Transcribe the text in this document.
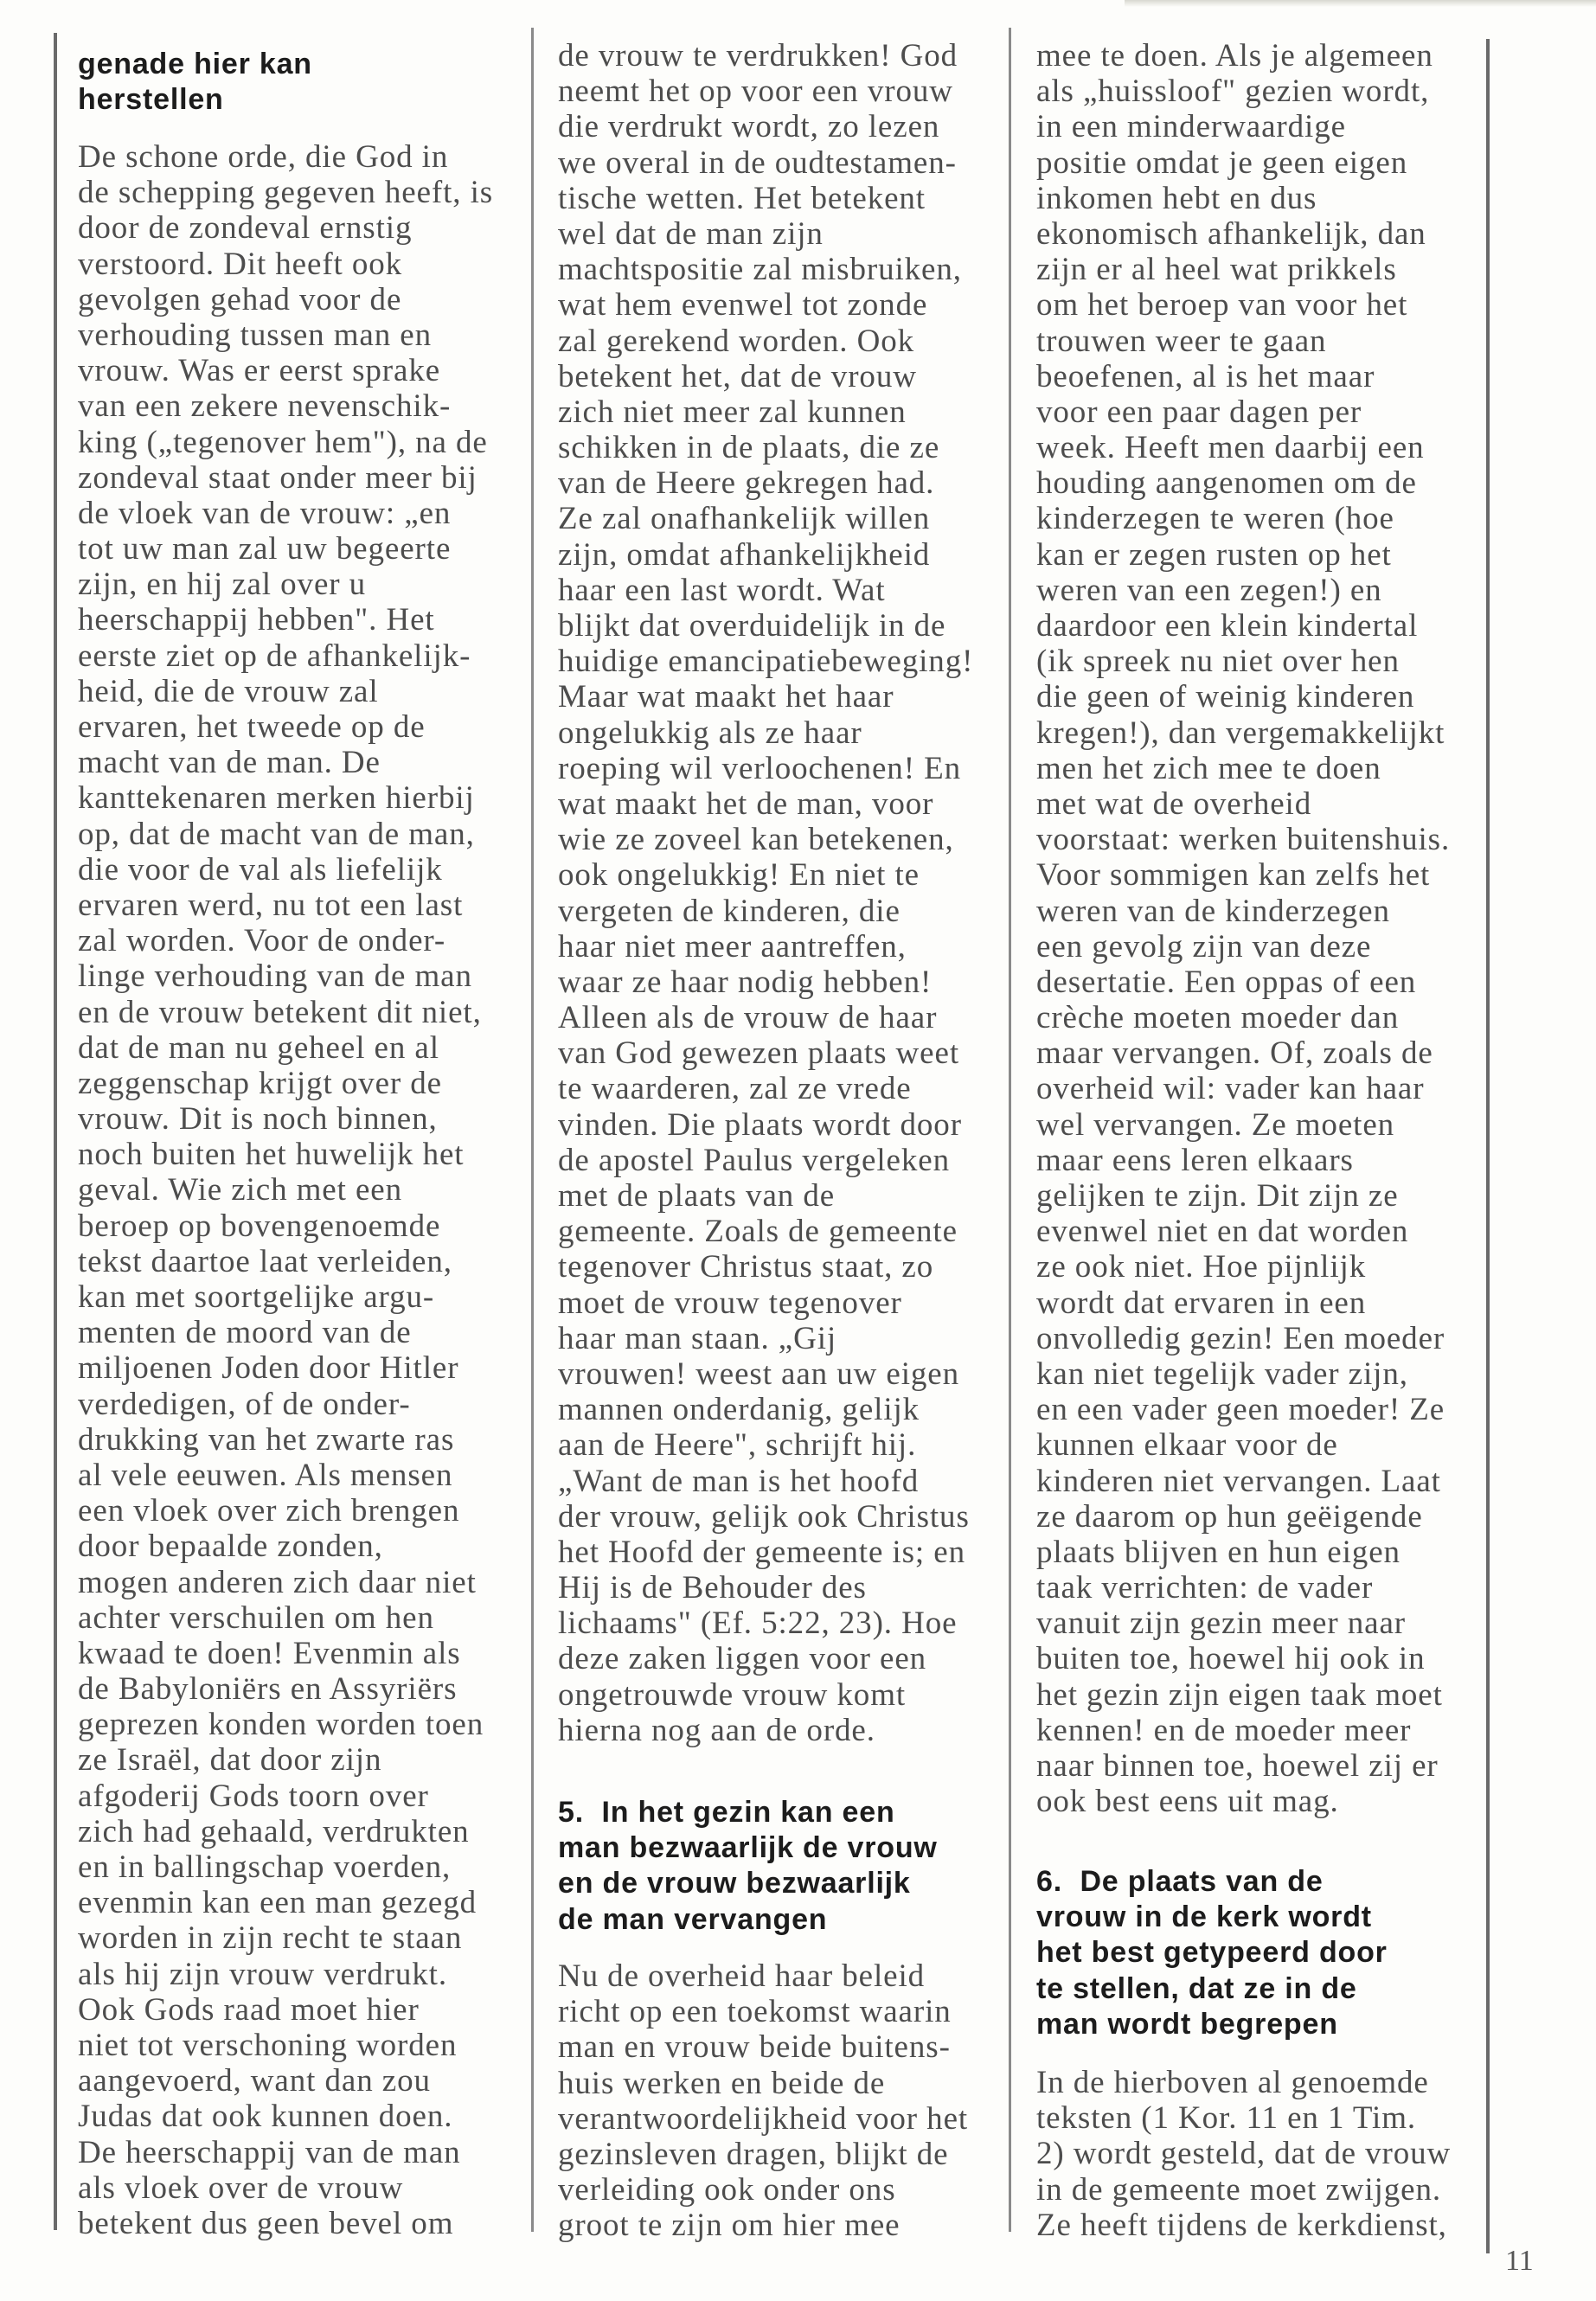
genade hier kan
herstellen
De schone orde, die God in
de schepping gegeven heeft, is
door de zondeval ernstig
verstoord. Dit heeft ook
gevolgen gehad voor de
verhouding tussen man en
vrouw. Was er eerst sprake
van een zekere nevenschik-
king („tegenover hem"), na de
zondeval staat onder meer bij
de vloek van de vrouw: „en
tot uw man zal uw begeerte
zijn, en hij zal over u
heerschappij hebben". Het
eerste ziet op de afhankelijk-
heid, die de vrouw zal
ervaren, het tweede op de
macht van de man. De
kanttekenaren merken hierbij
op, dat de macht van de man,
die voor de val als liefelijk
ervaren werd, nu tot een last
zal worden. Voor de onder-
linge verhouding van de man
en de vrouw betekent dit niet,
dat de man nu geheel en al
zeggenschap krijgt over de
vrouw. Dit is noch binnen,
noch buiten het huwelijk het
geval. Wie zich met een
beroep op bovengenoemde
tekst daartoe laat verleiden,
kan met soortgelijke argu-
menten de moord van de
miljoenen Joden door Hitler
verdedigen, of de onder-
drukking van het zwarte ras
al vele eeuwen. Als mensen
een vloek over zich brengen
door bepaalde zonden,
mogen anderen zich daar niet
achter verschuilen om hen
kwaad te doen! Evenmin als
de Babyloniërs en Assyriërs
geprezen konden worden toen
ze Israël, dat door zijn
afgoderij Gods toorn over
zich had gehaald, verdrukten
en in ballingschap voerden,
evenmin kan een man gezegd
worden in zijn recht te staan
als hij zijn vrouw verdrukt.
Ook Gods raad moet hier
niet tot verschoning worden
aangevoerd, want dan zou
Judas dat ook kunnen doen.
De heerschappij van de man
als vloek over de vrouw
betekent dus geen bevel om
de vrouw te verdrukken! God
neemt het op voor een vrouw
die verdrukt wordt, zo lezen
we overal in de oudtestamen-
tische wetten. Het betekent
wel dat de man zijn
machtspositie zal misbruiken,
wat hem evenwel tot zonde
zal gerekend worden. Ook
betekent het, dat de vrouw
zich niet meer zal kunnen
schikken in de plaats, die ze
van de Heere gekregen had.
Ze zal onafhankelijk willen
zijn, omdat afhankelijkheid
haar een last wordt. Wat
blijkt dat overduidelijk in de
huidige emancipatiebeweging!
Maar wat maakt het haar
ongelukkig als ze haar
roeping wil verloochenen! En
wat maakt het de man, voor
wie ze zoveel kan betekenen,
ook ongelukkig! En niet te
vergeten de kinderen, die
haar niet meer aantreffen,
waar ze haar nodig hebben!
Alleen als de vrouw de haar
van God gewezen plaats weet
te waarderen, zal ze vrede
vinden. Die plaats wordt door
de apostel Paulus vergeleken
met de plaats van de
gemeente. Zoals de gemeente
tegenover Christus staat, zo
moet de vrouw tegenover
haar man staan. „Gij
vrouwen! weest aan uw eigen
mannen onderdanig, gelijk
aan de Heere", schrijft hij.
„Want de man is het hoofd
der vrouw, gelijk ook Christus
het Hoofd der gemeente is; en
Hij is de Behouder des
lichaams" (Ef. 5:22, 23). Hoe
deze zaken liggen voor een
ongetrouwde vrouw komt
hierna nog aan de orde.
5.  In het gezin kan een
man bezwaarlijk de vrouw
en de vrouw bezwaarlijk
de man vervangen
Nu de overheid haar beleid
richt op een toekomst waarin
man en vrouw beide buitens-
huis werken en beide de
verantwoordelijkheid voor het
gezinsleven dragen, blijkt de
verleiding ook onder ons
groot te zijn om hier mee
mee te doen. Als je algemeen
als „huissloof" gezien wordt,
in een minderwaardige
positie omdat je geen eigen
inkomen hebt en dus
ekonomisch afhankelijk, dan
zijn er al heel wat prikkels
om het beroep van voor het
trouwen weer te gaan
beoefenen, al is het maar
voor een paar dagen per
week. Heeft men daarbij een
houding aangenomen om de
kinderzegen te weren (hoe
kan er zegen rusten op het
weren van een zegen!) en
daardoor een klein kindertal
(ik spreek nu niet over hen
die geen of weinig kinderen
kregen!), dan vergemakkelijkt
men het zich mee te doen
met wat de overheid
voorstaat: werken buitenshuis.
Voor sommigen kan zelfs het
weren van de kinderzegen
een gevolg zijn van deze
desertatie. Een oppas of een
crèche moeten moeder dan
maar vervangen. Of, zoals de
overheid wil: vader kan haar
wel vervangen. Ze moeten
maar eens leren elkaars
gelijken te zijn. Dit zijn ze
evenwel niet en dat worden
ze ook niet. Hoe pijnlijk
wordt dat ervaren in een
onvolledig gezin! Een moeder
kan niet tegelijk vader zijn,
en een vader geen moeder! Ze
kunnen elkaar voor de
kinderen niet vervangen. Laat
ze daarom op hun geëigende
plaats blijven en hun eigen
taak verrichten: de vader
vanuit zijn gezin meer naar
buiten toe, hoewel hij ook in
het gezin zijn eigen taak moet
kennen! en de moeder meer
naar binnen toe, hoewel zij er
ook best eens uit mag.
6.  De plaats van de
vrouw in de kerk wordt
het best getypeerd door
te stellen, dat ze in de
man wordt begrepen
In de hierboven al genoemde
teksten (1 Kor. 11 en 1 Tim.
2) wordt gesteld, dat de vrouw
in de gemeente moet zwijgen.
Ze heeft tijdens de kerkdienst,
11
